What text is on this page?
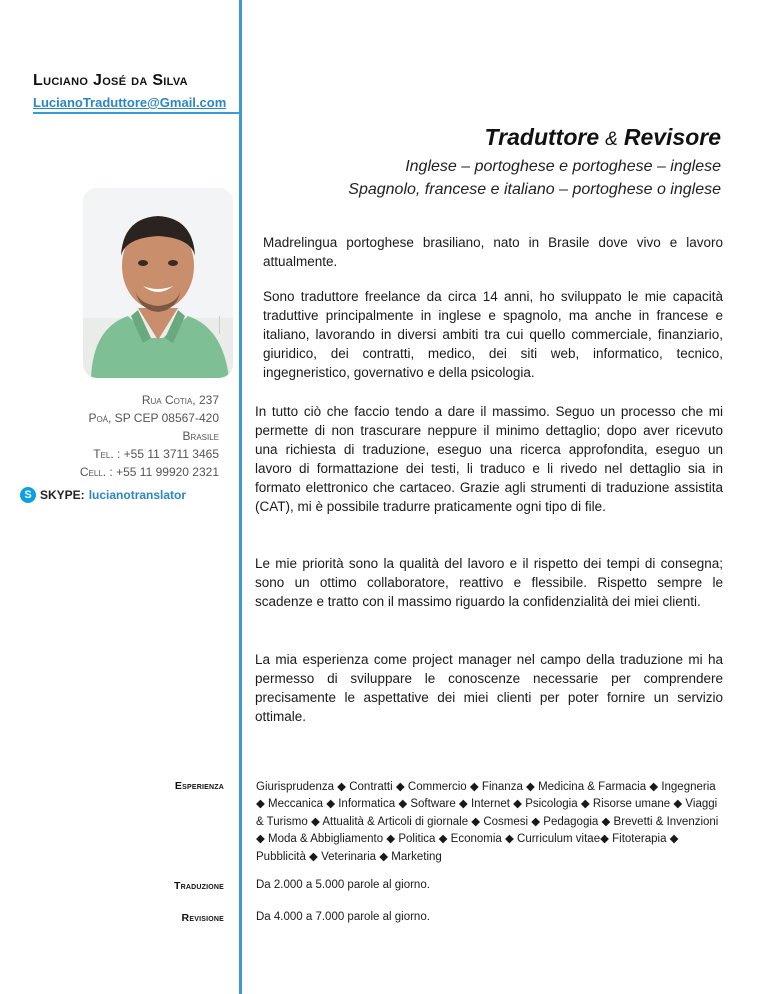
Luciano José da Silva
LucianoTraduttore@Gmail.com
Traduttore & Revisore
Inglese – portoghese e portoghese – inglese
Spagnolo, francese e italiano – portoghese o inglese
Rua Cotia, 237
Poá, SP CEP 08567-420
Brasile
Tel. : +55 11 3711 3465
Cell. : +55 11 99920 2321
S SKYPE: lucianotranslator

Madrelingua portoghese brasiliano, nato in Brasile dove vivo e lavoro attualmente.

Sono traduttore freelance da circa 14 anni, ho sviluppato le mie capacità traduttive principalmente in inglese e spagnolo, ma anche in francese e italiano, lavorando in diversi ambiti tra cui quello commerciale, finanziario, giuridico, dei contratti, medico, dei siti web, informatico, tecnico, ingegneristico, governativo e della psicologia.

In tutto ciò che faccio tendo a dare il massimo. Seguo un processo che mi permette di non trascurare neppure il minimo dettaglio; dopo aver ricevuto una richiesta di traduzione, eseguo una ricerca approfondita, eseguo un lavoro di formattazione dei testi, li traduco e li rivedo nel dettaglio sia in formato elettronico che cartaceo. Grazie agli strumenti di traduzione assistita (CAT), mi è possibile tradurre praticamente ogni tipo di file.

Le mie priorità sono la qualità del lavoro e il rispetto dei tempi di consegna; sono un ottimo collaboratore, reattivo e flessibile. Rispetto sempre le scadenze e tratto con il massimo riguardo la confidenzialità dei miei clienti.

La mia esperienza come project manager nel campo della traduzione mi ha permesso di sviluppare le conoscenze necessarie per comprendere precisamente le aspettative dei miei clienti per poter fornire un servizio ottimale.

Esperienza	Giurisprudenza ◆ Contratti ◆ Commercio ◆ Finanza ◆ Medicina & Farmacia ◆ Ingegneria ◆ Meccanica ◆ Informatica ◆ Software ◆ Internet ◆ Psicologia ◆ Risorse umane ◆ Viaggi & Turismo ◆ Attualità & Articoli di giornale ◆ Cosmesi ◆ Pedagogia ◆ Brevetti & Invenzioni ◆ Moda & Abbigliamento ◆ Politica ◆ Economia ◆ Curriculum vitae◆ Fitoterapia ◆ Pubblicità ◆ Veterinaria ◆ Marketing
Traduzione	Da 2.000 a 5.000 parole al giorno.
Revisione	Da 4.000 a 7.000 parole al giorno.
